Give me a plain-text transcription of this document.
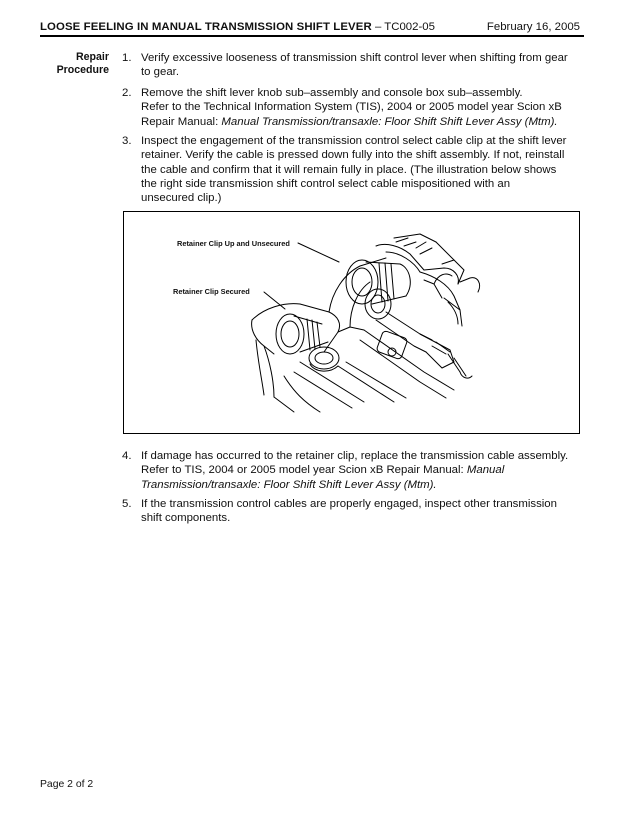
LOOSE FEELING IN MANUAL TRANSMISSION SHIFT LEVER – TC002-05	February 16, 2005
Repair
Procedure
1. Verify excessive looseness of transmission shift control lever when shifting from gear
to gear.
2. Remove the shift lever knob sub–assembly and console box sub–assembly.
Refer to the Technical Information System (TIS), 2004 or 2005 model year Scion xB
Repair Manual: Manual Transmission/transaxle: Floor Shift Shift Lever Assy (Mtm).
3. Inspect the engagement of the transmission control select cable clip at the shift lever
retainer. Verify the cable is pressed down fully into the shift assembly. If not, reinstall
the cable and confirm that it will remain fully in place. (The illustration below shows
the right side transmission shift control select cable mispositioned with an
unsecured clip.)
Retainer Clip Up and Unsecured
Retainer Clip Secured
4. If damage has occurred to the retainer clip, replace the transmission cable assembly.
Refer to TIS, 2004 or 2005 model year Scion xB Repair Manual: Manual
Transmission/transaxle: Floor Shift Shift Lever Assy (Mtm).
5. If the transmission control cables are properly engaged, inspect other transmission
shift components.
Page 2 of 2
